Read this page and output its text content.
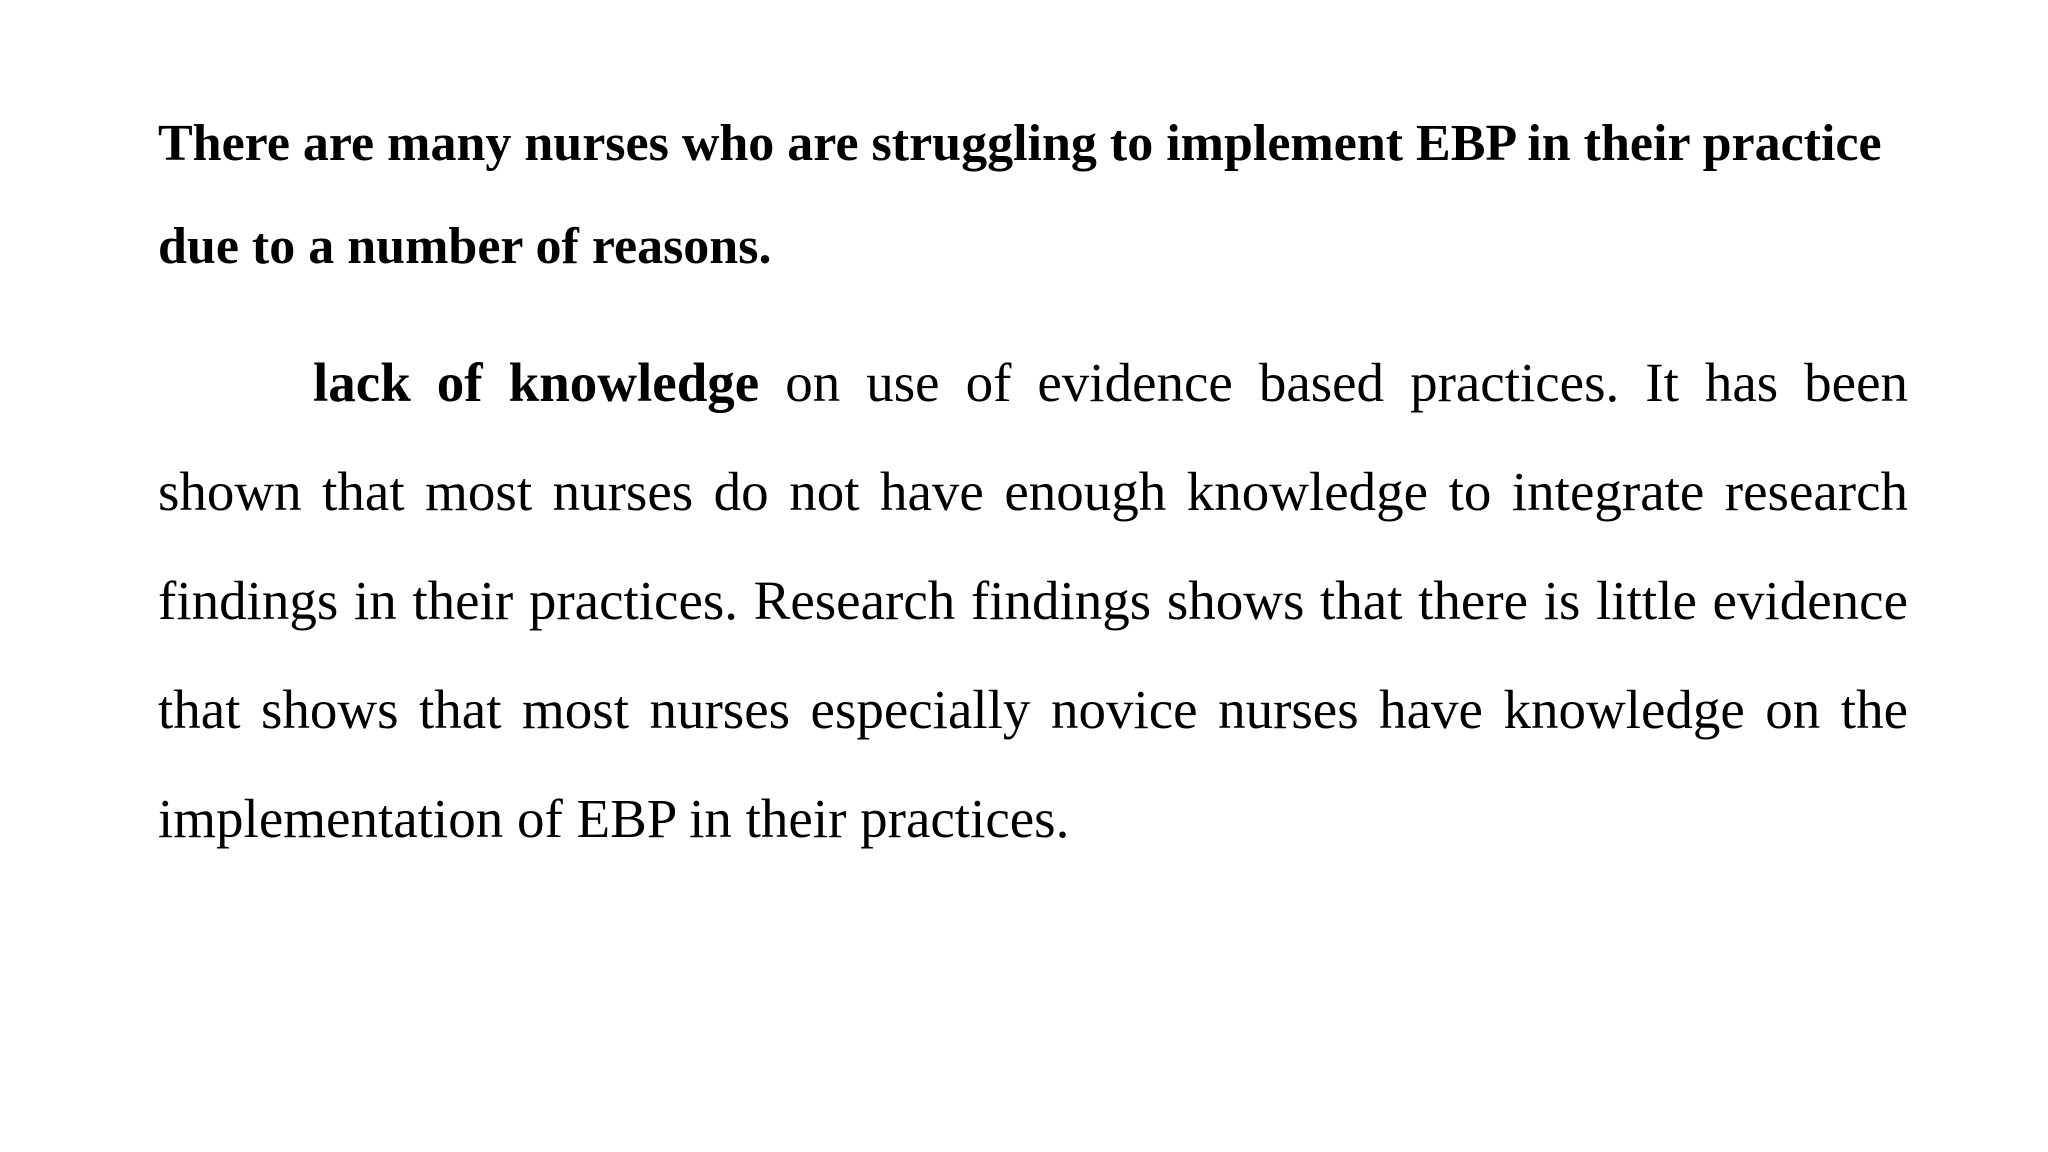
There are many nurses who are struggling to implement EBP in their practice due to a number of reasons.

lack of knowledge on use of evidence based practices. It has been shown that most nurses do not have enough knowledge to integrate research findings in their practices. Research findings shows that there is little evidence that shows that most nurses especially novice nurses have knowledge on the implementation of EBP in their practices.
